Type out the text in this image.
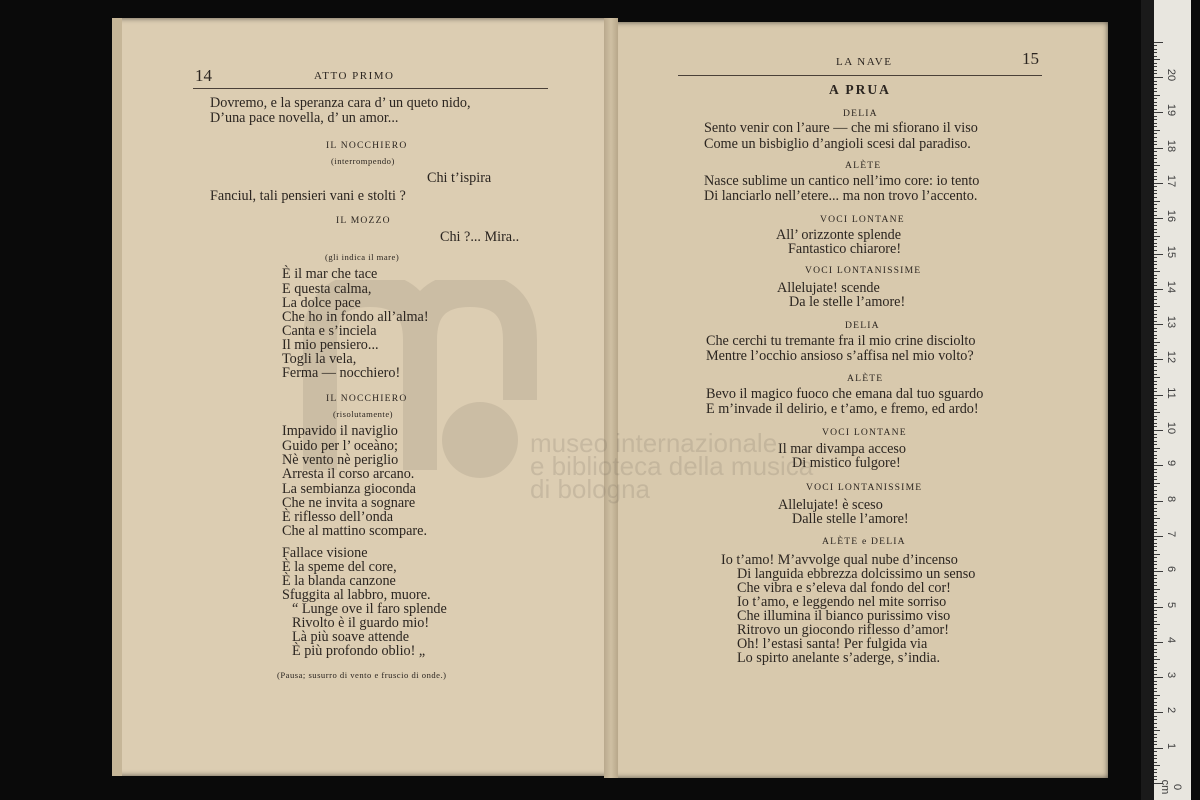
14	ATTO PRIMO
LA NAVE	15
museo internazionale
e biblioteca della musica
di bologna
Dovremo, e la speranza cara d’ un queto nido,
D’una pace novella, d’ un amor...
IL NOCCHIERO
(interrompendo)
Chi t’ispira
Fanciul, tali pensieri vani e stolti ?
IL MOZZO
Chi ?... Mira..
(gli indica il mare)
È il mar che tace
E questa calma,
La dolce pace
Che ho in fondo all’alma!
Canta e s’inciela
Il mio pensiero...
Togli la vela,
Ferma — nocchiero!
IL NOCCHIERO
(risolutamente)
Impavido il naviglio
Guido per l’ oceàno;
Nè vento nè periglio
Arresta il corso arcano.
La sembianza gioconda
Che ne invita a sognare
È riflesso dell’onda
Che al mattino scompare.
Fallace visione
È la speme del core,
È la blanda canzone
Sfuggita al labbro, muore.
“ Lunge ove il faro splende
Rivolto è il guardo mio!
Là più soave attende
È più profondo oblio! „
(Pausa; susurro di vento e fruscio di onde.)
A PRUA
DELIA
Sento venir con l’aure — che mi sfiorano il viso
Come un bisbiglio d’angioli scesi dal paradiso.
ALÈTE
Nasce sublime un cantico nell’imo core: io tento
Di lanciarlo nell’etere... ma non trovo l’accento.
VOCI LONTANE
All’ orizzonte splende
Fantastico chiarore!
VOCI LONTANISSIME
Allelujate! scende
Da le stelle l’amore!
DELIA
Che cerchi tu tremante fra il mio crine disciolto
Mentre l’occhio ansioso s’affisa nel mio volto?
ALÈTE
Bevo il magico fuoco che emana dal tuo sguardo
E m’invade il delirio, e t’amo, e fremo, ed ardo!
VOCI LONTANE
Il mar divampa acceso
Di mistico fulgore!
VOCI LONTANISSIME
Allelujate! è sceso
Dalle stelle l’amore!
ALÈTE e DELIA
Io t’amo! M’avvolge qual nube d’incenso
Di languida ebbrezza dolcissimo un senso
Che vibra e s’eleva dal fondo del cor!
Io t’amo, e leggendo nel mite sorriso
Che illumina il bianco purissimo viso
Ritrovo un giocondo riflesso d’amor!
Oh! l’estasi santa! Per fulgida via
Lo spirto anelante s’aderge, s’india.
0 cm
1
2
3
4
5
6
7
8
9
10
11
12
13
14
15
16
17
18
19
20
